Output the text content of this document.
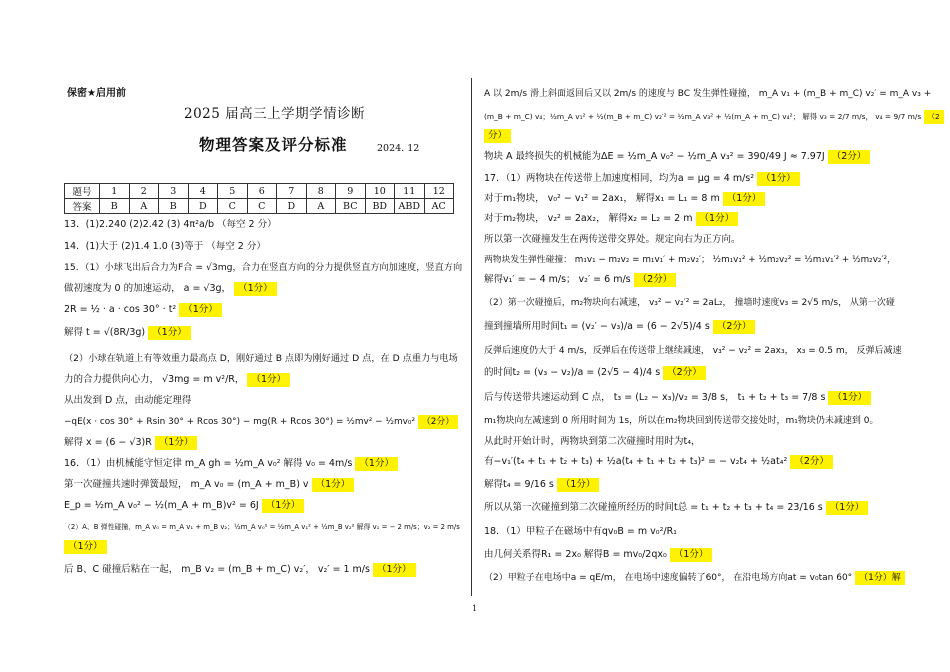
保密★启用前
2025 届高三上学期学情诊断
物理答案及评分标准	2024. 12
题号	1	2	3	4	5	6	7	8	9	10	11	12
答案	B	A	B	D	C	C	D	A	BC	BD	ABD	AC
13．(1)2.240 (2)2.42 (3) 4π²a/b （每空 2 分）
14．(1)大于 (2)1.4 1.0 (3)等于 （每空 2 分）
15．（1）小球飞出后合力为F合 = √3mg，合力在竖直方向的分力提供竖直方向加速度，竖直方向
做初速度为 0 的加速运动， a = √3g， （1分）
2R = ½ · a · cos 30° · t² （1分）
解得 t = √(8R/3g) （1分）
（2）小球在轨道上有等效重力最高点 D，刚好通过 B 点即为刚好通过 D 点，在 D 点重力与电场
力的合力提供向心力， √3mg = m v²/R， （1分）
从出发到 D 点，由动能定理得
−qE(x · cos 30° + Rsin 30° + Rcos 30°) − mg(R + Rcos 30°) = ½mv² − ½mv₀² （2分）
解得 x = (6 − √3)R （1分）
16．（1）由机械能守恒定律 m_A gh = ½m_A v₀² 解得 v₀ = 4m/s （1分）
第一次碰撞共速时弹簧最短， m_A v₀ = (m_A + m_B) v （1分）
E_p = ½m_A v₀² − ½(m_A + m_B)v² = 6J （1分）
（2）A、B 弹性碰撞，m_A v₀ = m_A v₁ + m_B v₂；½m_A v₀² = ½m_A v₁² + ½m_B v₂² 解得 v₁ = − 2 m/s；v₂ = 2 m/s
（1分）
后 B、C 碰撞后粘在一起， m_B v₂ = (m_B + m_C) v₂′， v₂′ = 1 m/s （1分）
A 以 2m/s 滑上斜面返回后又以 2m/s 的速度与 BC 发生弹性碰撞， m_A v₁ + (m_B + m_C) v₂′ = m_A v₃ +
(m_B + m_C) v₄；½m_A v₁² + ½(m_B + m_C) v₂′² = ½m_A v₃² + ½(m_A + m_C) v₄²； 解得 v₃ = 2/7 m/s， v₄ = 9/7 m/s （2
分）
物块 A 最终损失的机械能为ΔE = ½m_A v₀² − ½m_A v₃² = 390/49 J ≈ 7.97J （2分）
17．（1）两物块在传送带上加速度相同，均为a = μg = 4 m/s² （1分）
对于m₁物块， v₀² − v₁² = 2ax₁， 解得x₁ = L₁ = 8 m （1分）
对于m₂物块， v₂² = 2ax₂， 解得x₂ = L₂ = 2 m （1分）
所以第一次碰撞发生在两传送带交界处。规定向右为正方向。
两物块发生弹性碰撞： m₁v₁ − m₂v₂ = m₁v₁′ + m₂v₂′； ½m₁v₁² + ½m₂v₂² = ½m₁v₁′² + ½m₂v₂′²，
解得v₁′ = − 4 m/s； v₂′ = 6 m/s （2分）
（2）第一次碰撞后，m₂物块向右减速， v₃² − v₂′² = 2aL₂， 撞墙时速度v₃ = 2√5 m/s， 从第一次碰
撞到撞墙所用时间t₁ = (v₂′ − v₃)/a = (6 − 2√5)/4 s （2分）
反弹后速度仍大于 4 m/s，反弹后在传送带上继续减速， v₃² − v₂² = 2ax₃， x₃ = 0.5 m， 反弹后减速
的时间t₂ = (v₃ − v₂)/a = (2√5 − 4)/4 s （2分）
后与传送带共速运动到 C 点， t₃ = (L₂ − x₃)/v₂ = 3/8 s， t₁ + t₂ + t₃ = 7/8 s （1分）
m₁物块向左减速到 0 所用时间为 1s，所以在m₂物块回到传送带交接处时，m₁物块仍未减速到 0。
从此时开始计时，两物块到第二次碰撞时用时为t₄，
有−v₁′(t₄ + t₁ + t₂ + t₃) + ½a(t₄ + t₁ + t₂ + t₃)² = − v₂t₄ + ½at₄² （2分）
解得t₄ = 9/16 s （1分）
所以从第一次碰撞到第二次碰撞所经历的时间t总 = t₁ + t₂ + t₃ + t₄ = 23/16 s （1分）
18．（1）甲粒子在磁场中有qv₀B = m v₀²/R₁
由几何关系得R₁ = 2x₀ 解得B = mv₀/2qx₀ （1分）
（2）甲粒子在电场中a = qE/m， 在电场中速度偏转了60°， 在沿电场方向at = v₀tan 60° （1分）解
1
